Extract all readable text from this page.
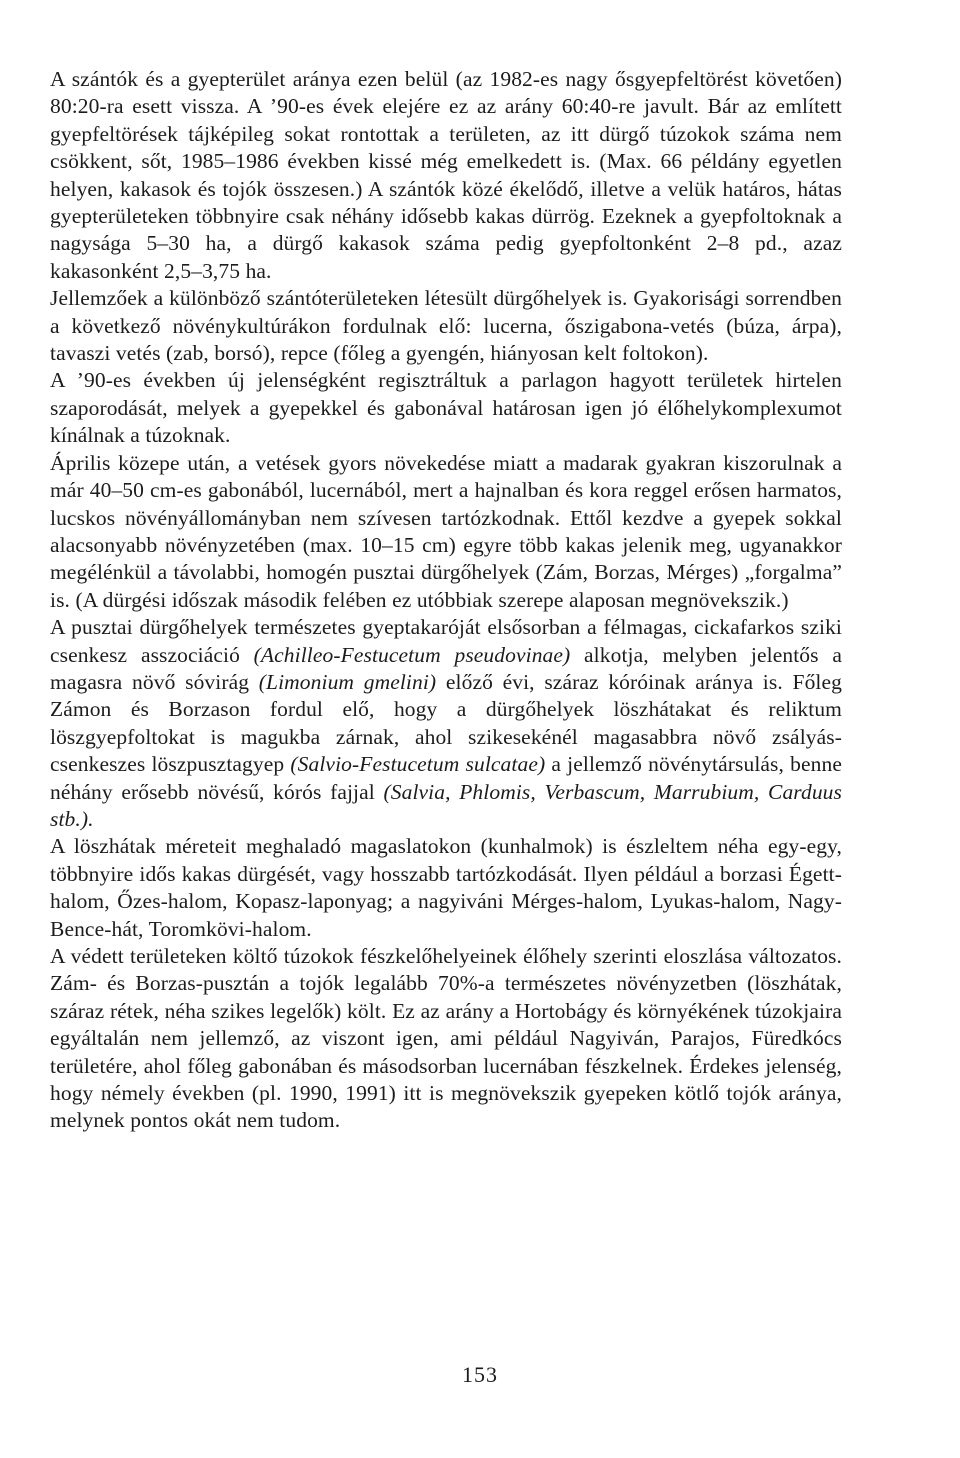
A szántók és a gyepterület aránya ezen belül (az 1982-es nagy ősgyepfeltörést követően) 80:20-ra esett vissza. A ’90-es évek elejére ez az arány 60:40-re javult. Bár az említett gyepfeltörések tájképileg sokat rontottak a területen, az itt dürgő túzokok száma nem csökkent, sőt, 1985–1986 években kissé még emelkedett is. (Max. 66 példány egyetlen helyen, kakasok és tojók összesen.) A szántók közé ékelődő, illetve a velük határos, hátas gyepterületeken többnyire csak néhány idősebb kakas dürrög. Ezeknek a gyepfoltoknak a nagysága 5–30 ha, a dürgő kakasok száma pedig gyepfoltonként 2–8 pd., azaz kakasonként 2,5–3,75 ha.

Jellemzőek a különböző szántóterületeken létesült dürgőhelyek is. Gyakorisági sorrendben a következő növénykultúrákon fordulnak elő: lucerna, őszigabona-vetés (búza, árpa), tavaszi vetés (zab, borsó), repce (főleg a gyengén, hiányosan kelt foltokon).

A ’90-es években új jelenségként regisztráltuk a parlagon hagyott területek hirtelen szaporodását, melyek a gyepekkel és gabonával határosan igen jó élőhelykomplexumot kínálnak a túzoknak.

Április közepe után, a vetések gyors növekedése miatt a madarak gyakran kiszorulnak a már 40–50 cm-es gabonából, lucernából, mert a hajnalban és kora reggel erősen harmatos, lucskos növényállományban nem szívesen tartózkodnak. Ettől kezdve a gyepek sokkal alacsonyabb növényzetében (max. 10–15 cm) egyre több kakas jelenik meg, ugyanakkor megélénkül a távolabbi, homogén pusztai dürgőhelyek (Zám, Borzas, Mérges) „forgalma” is. (A dürgési időszak második felében ez utóbbiak szerepe alaposan megnövekszik.)

A pusztai dürgőhelyek természetes gyeptakaróját elsősorban a félmagas, cickafarkos sziki csenkesz asszociáció (Achilleo-Festucetum pseudovinae) alkotja, melyben jelentős a magasra növő sóvirág (Limonium gmelini) előző évi, száraz kóróinak aránya is. Főleg Zámon és Borzason fordul elő, hogy a dürgőhelyek löszhátakat és reliktum löszgyepfoltokat is magukba zárnak, ahol szikesekénél magasabbra növő zsályás-csenkeszes löszpusztagyep (Salvio-Festucetum sulcatae) a jellemző növénytársulás, benne néhány erősebb növésű, kórós fajjal (Salvia, Phlomis, Verbascum, Marrubium, Carduus stb.).

A löszhátak méreteit meghaladó magaslatokon (kunhalmok) is észleltem néha egy-egy, többnyire idős kakas dürgését, vagy hosszabb tartózkodását. Ilyen például a borzasi Égett-halom, Őzes-halom, Kopasz-laponyag; a nagyiváni Mérges-halom, Lyukas-halom, Nagy-Bence-hát, Toromkövi-halom.

A védett területeken költő túzokok fészkelőhelyeinek élőhely szerinti eloszlása változatos. Zám- és Borzas-pusztán a tojók legalább 70%-a természetes növényzetben (löszhátak, száraz rétek, néha szikes legelők) költ. Ez az arány a Hortobágy és környékének túzokjaira egyáltalán nem jellemző, az viszont igen, ami például Nagyiván, Parajos, Füredkócs területére, ahol főleg gabonában és másodsorban lucernában fészkelnek. Érdekes jelenség, hogy némely években (pl. 1990, 1991) itt is megnövekszik gyepeken kötlő tojók aránya, melynek pontos okát nem tudom.

153
